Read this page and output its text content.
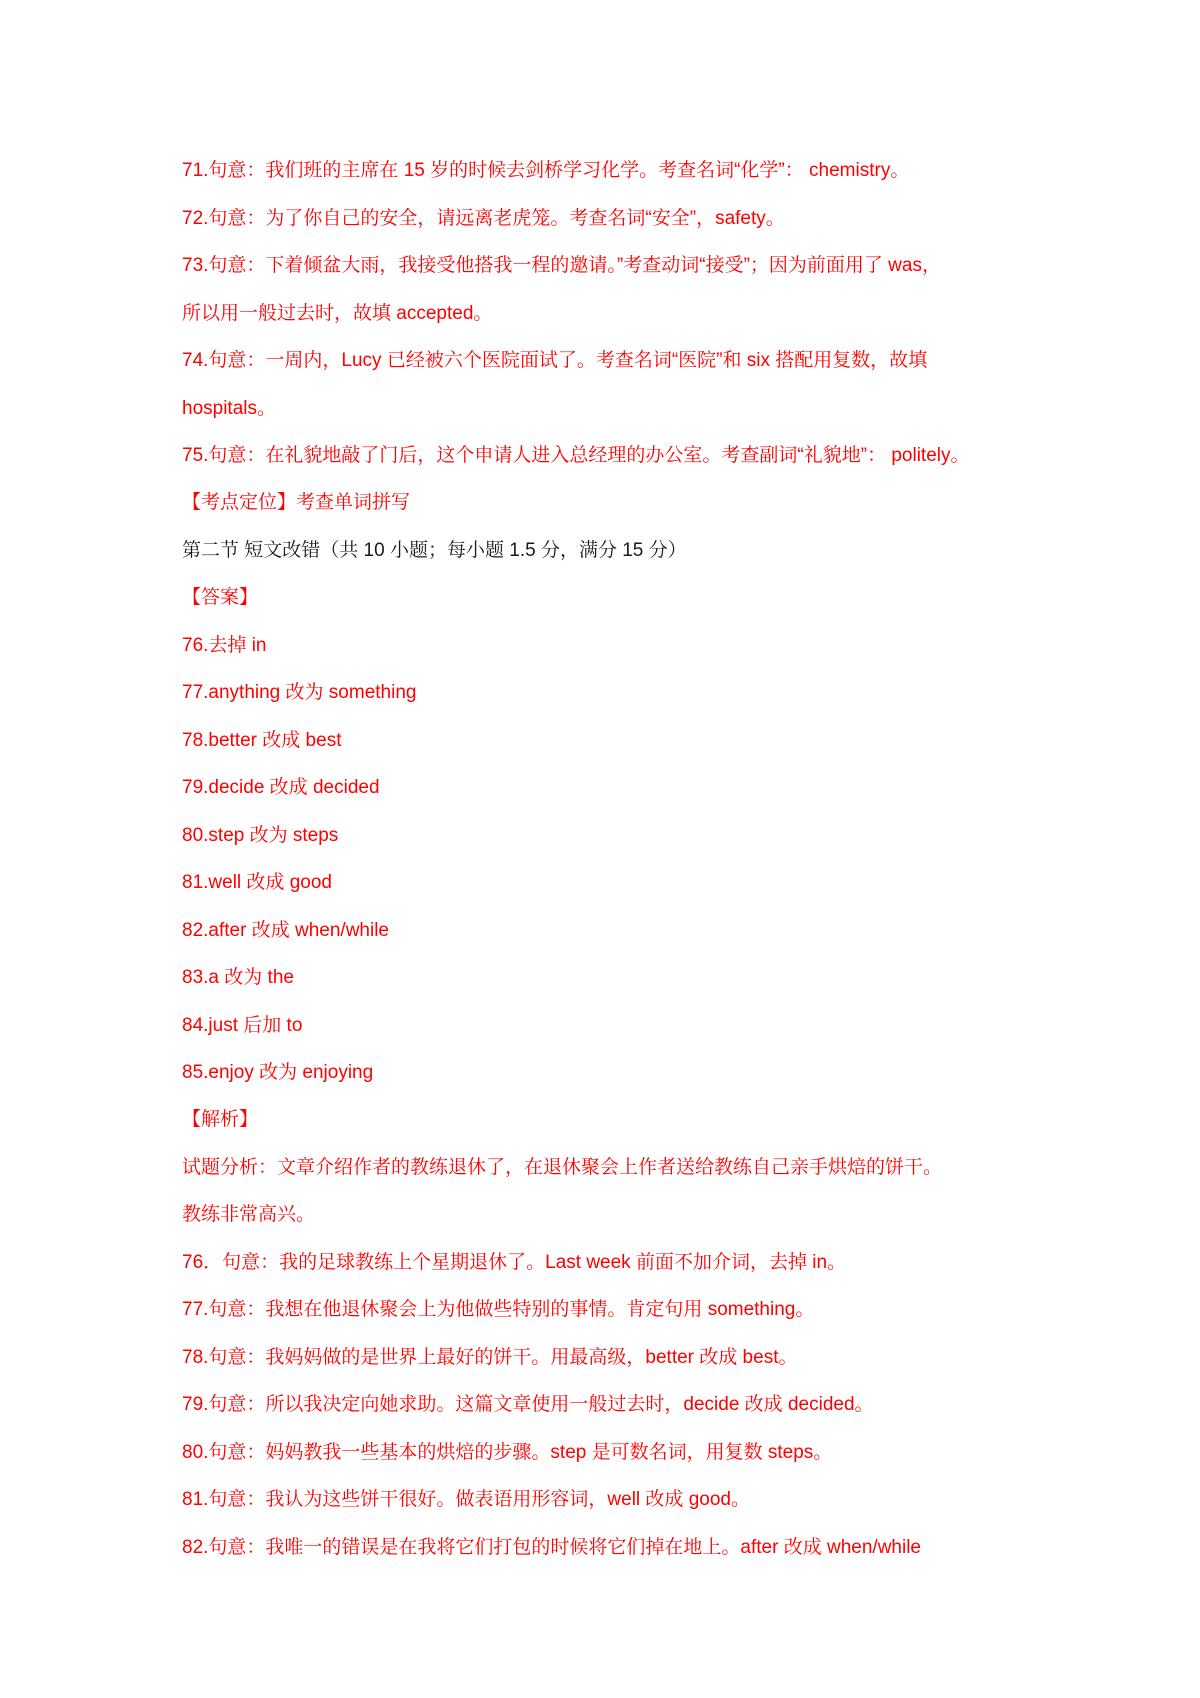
71.句意：我们班的主席在 15 岁的时候去剑桥学习化学。考查名词“化学”： chemistry。
72.句意：为了你自己的安全，请远离老虎笼。考查名词“安全”，safety。
73.句意：下着倾盆大雨，我接受他搭我一程的邀请。”考查动词“接受”；因为前面用了 was，
所以用一般过去时，故填 accepted。
74.句意：一周内，Lucy 已经被六个医院面试了。考查名词“医院”和 six 搭配用复数，故填
hospitals。
75.句意：在礼貌地敲了门后，这个申请人进入总经理的办公室。考查副词“礼貌地”： politely。
【考点定位】考查单词拼写
第二节 短文改错（共 10 小题；每小题 1.5 分，满分 15 分）
【答案】
76.去掉 in
77.anything 改为 something
78.better 改成 best
79.decide 改成 decided
80.step 改为 steps
81.well 改成 good
82.after 改成 when/while
83.a 改为 the
84.just 后加 to
85.enjoy 改为 enjoying
【解析】
试题分析：文章介绍作者的教练退休了，在退休聚会上作者送给教练自己亲手烘焙的饼干。
教练非常高兴。
76．句意：我的足球教练上个星期退休了。Last week 前面不加介词，去掉 in。
77.句意：我想在他退休聚会上为他做些特别的事情。肯定句用 something。
78.句意：我妈妈做的是世界上最好的饼干。用最高级，better 改成 best。
79.句意：所以我决定向她求助。这篇文章使用一般过去时，decide 改成 decided。
80.句意：妈妈教我一些基本的烘焙的步骤。step 是可数名词，用复数 steps。
81.句意：我认为这些饼干很好。做表语用形容词，well 改成 good。
82.句意：我唯一的错误是在我将它们打包的时候将它们掉在地上。after 改成 when/while
